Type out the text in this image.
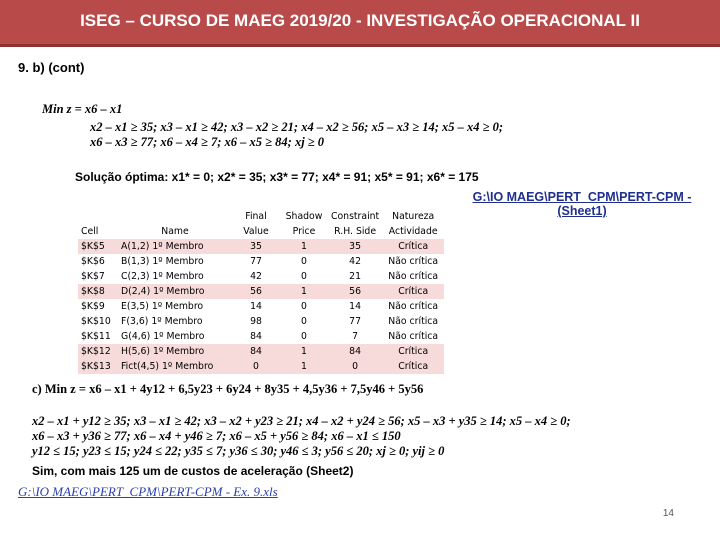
ISEG – CURSO DE MAEG 2019/20 - INVESTIGAÇÃO OPERACIONAL II
9. b) (cont)
Min z = x6 – x1
x2 – x1 ≥ 35; x3 – x1 ≥ 42; x3 – x2 ≥ 21; x4 – x2 ≥ 56; x5 – x3 ≥ 14; x5 – x4 ≥ 0;
x6 – x3 ≥ 77; x6 – x4 ≥ 7; x6 – x5 ≥ 84; xj ≥ 0
Solução óptima: x1* = 0; x2* = 35; x3* = 77; x4* = 91; x5* = 91; x6* = 175
G:\IO MAEG\PERT_CPM\PERT-CPM - (Sheet1)
		Final	Shadow	Constraint	Natureza
Cell	Name	Value	Price	R.H. Side	Actividade
$K$5	A(1,2) 1º Membro	35	1	35	Crítica
$K$6	B(1,3) 1º Membro	77	0	42	Não crítica
$K$7	C(2,3) 1º Membro	42	0	21	Não crítica
$K$8	D(2,4) 1º Membro	56	1	56	Crítica
$K$9	E(3,5) 1º Membro	14	0	14	Não crítica
$K$10	F(3,6) 1º Membro	98	0	77	Não crítica
$K$11	G(4,6) 1º Membro	84	0	7	Não crítica
$K$12	H(5,6) 1º Membro	84	1	84	Crítica
$K$13	Fict(4,5) 1º Membro	0	1	0	Crítica
c) Min z = x6 – x1 + 4y12 + 6,5y23 + 6y24 + 8y35 + 4,5y36 + 7,5y46 + 5y56
x2 – x1 + y12 ≥ 35; x3 – x1 ≥ 42; x3 – x2 + y23 ≥ 21; x4 – x2 + y24 ≥ 56; x5 – x3 + y35 ≥ 14; x5 – x4 ≥ 0;
x6 – x3 + y36 ≥ 77; x6 – x4 + y46 ≥ 7; x6 – x5 + y56 ≥ 84; x6 – x1 ≤ 150
y12 ≤ 15; y23 ≤ 15; y24 ≤ 22; y35 ≤ 7; y36 ≤ 30; y46 ≤ 3; y56 ≤ 20; xj ≥ 0; yij ≥ 0
Sim, com mais 125 um de custos de aceleração (Sheet2)
G:\IO MAEG\PERT_CPM\PERT-CPM - Ex. 9.xls
14
